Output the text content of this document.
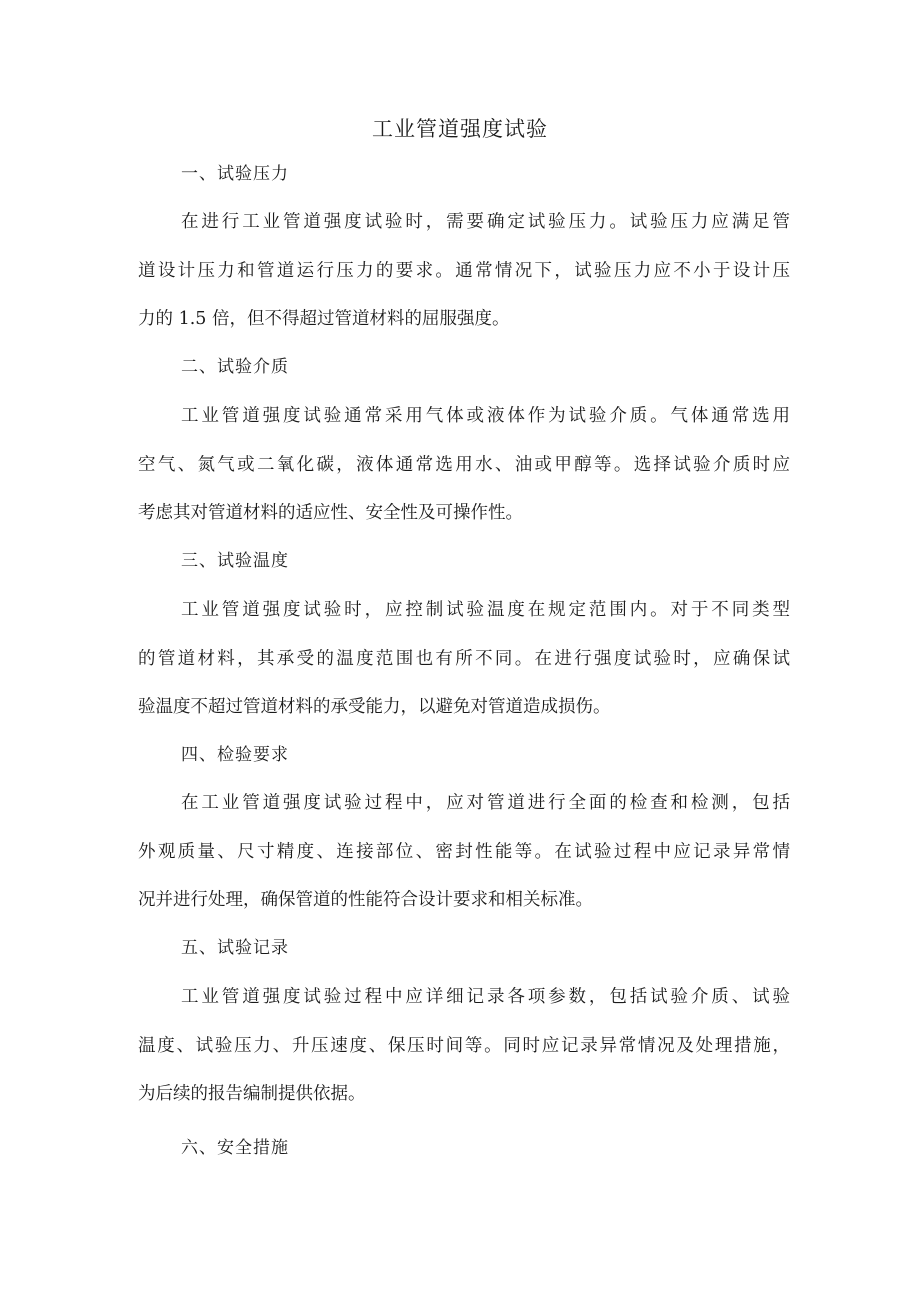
工业管道强度试验
一、试验压力
在进行工业管道强度试验时，需要确定试验压力。试验压力应满足管
道设计压力和管道运行压力的要求。通常情况下，试验压力应不小于设计压
力的 1.5 倍，但不得超过管道材料的屈服强度。
二、试验介质
工业管道强度试验通常采用气体或液体作为试验介质。气体通常选用
空气、氮气或二氧化碳，液体通常选用水、油或甲醇等。选择试验介质时应
考虑其对管道材料的适应性、安全性及可操作性。
三、试验温度
工业管道强度试验时，应控制试验温度在规定范围内。对于不同类型
的管道材料，其承受的温度范围也有所不同。在进行强度试验时，应确保试
验温度不超过管道材料的承受能力，以避免对管道造成损伤。
四、检验要求
在工业管道强度试验过程中，应对管道进行全面的检查和检测，包括
外观质量、尺寸精度、连接部位、密封性能等。在试验过程中应记录异常情
况并进行处理，确保管道的性能符合设计要求和相关标准。
五、试验记录
工业管道强度试验过程中应详细记录各项参数，包括试验介质、试验
温度、试验压力、升压速度、保压时间等。同时应记录异常情况及处理措施，
为后续的报告编制提供依据。
六、安全措施
